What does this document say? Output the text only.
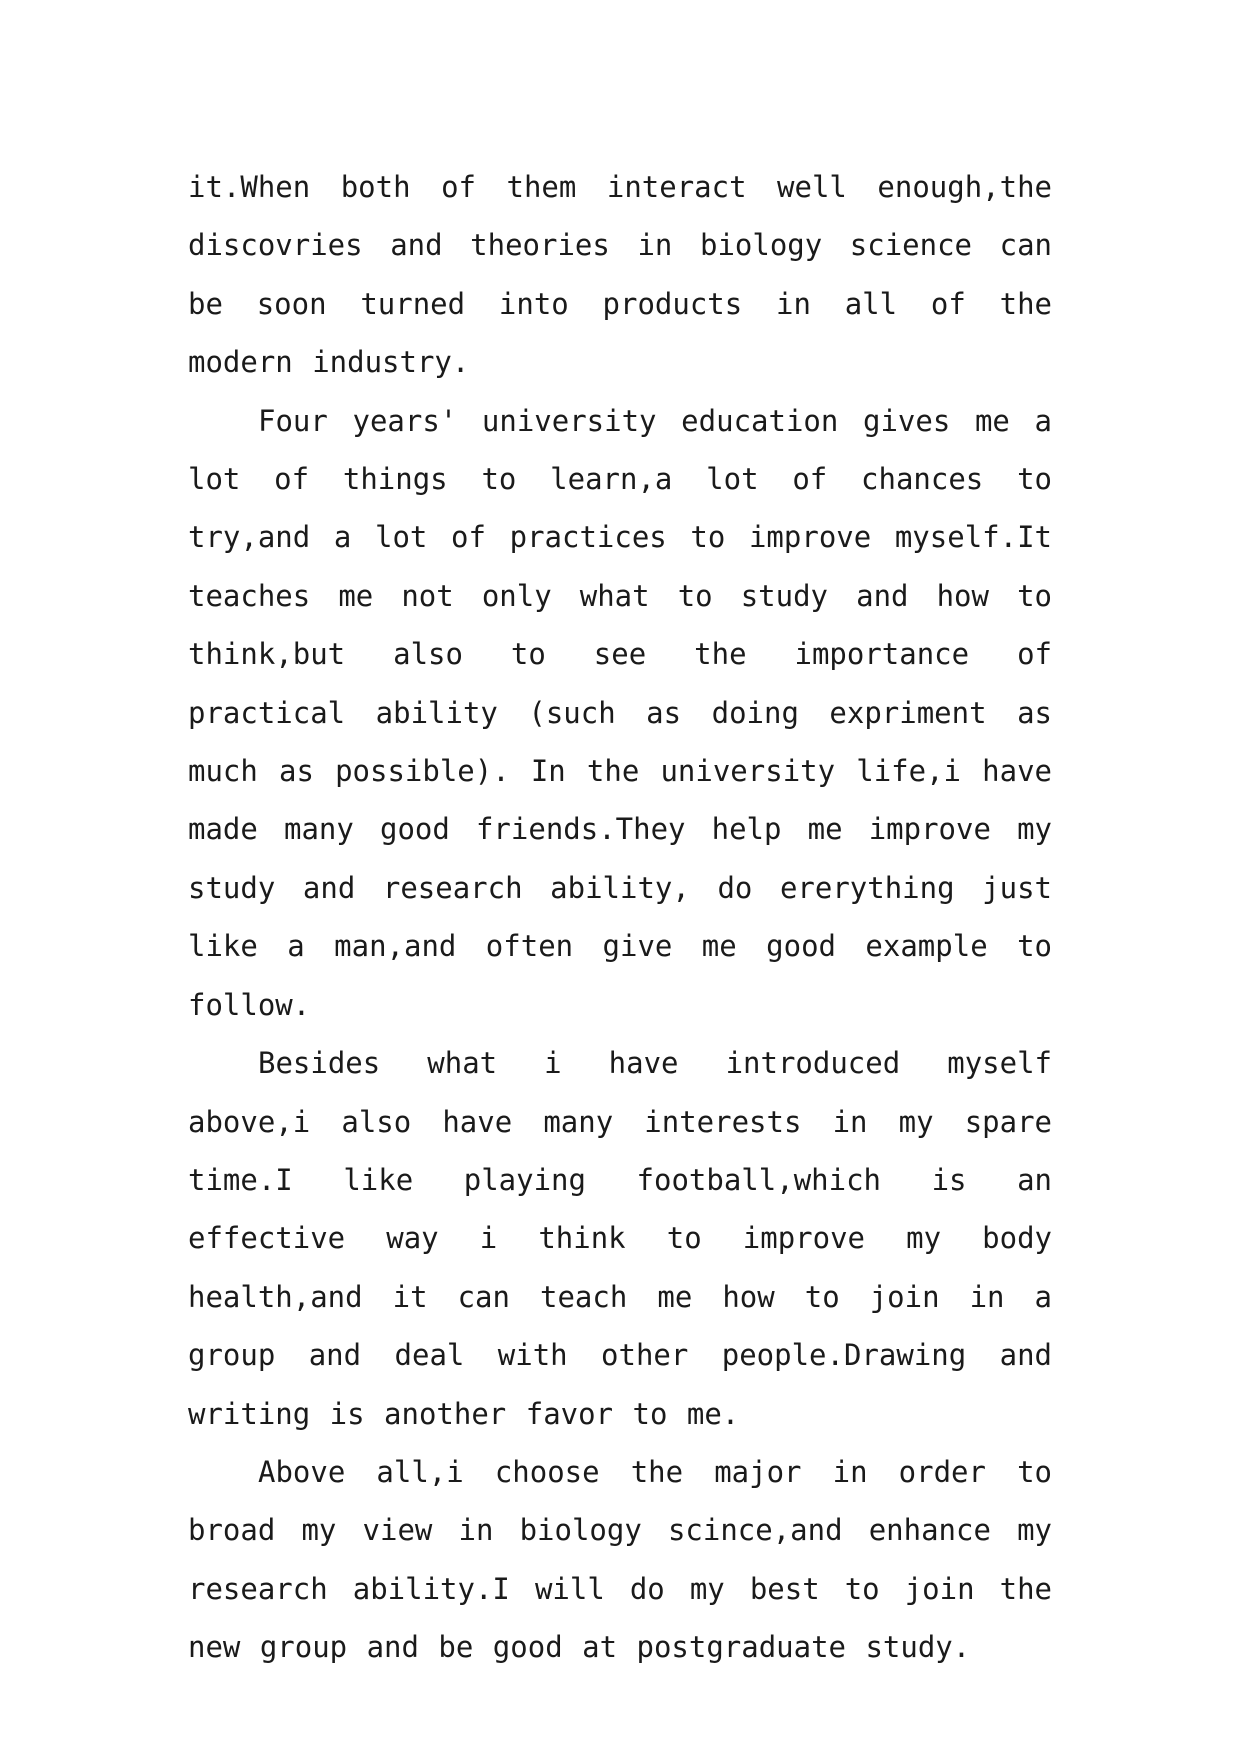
it.When both of them interact well enough,the discovries and theories in biology science can be soon turned into products in all of the modern industry.

Four years' university education gives me a lot of things to learn,a lot of chances to try,and a lot of practices to improve myself.It teaches me not only what to study and how to think,but also to see the importance of practical ability (such as doing expriment as much as possible). In the university life,i have made many good friends.They help me improve my study and research ability, do ererything just like a man,and often give me good example to follow.

Besides what i have introduced myself above,i also have many interests in my spare time.I like playing football,which is an effective way i think to improve my body health,and it can teach me how to join in a group and deal with other people.Drawing and writing is another favor to me.

Above all,i choose the major in order to broad my view in biology scince,and enhance my research ability.I will do my best to join the new group and be good at postgraduate study.
